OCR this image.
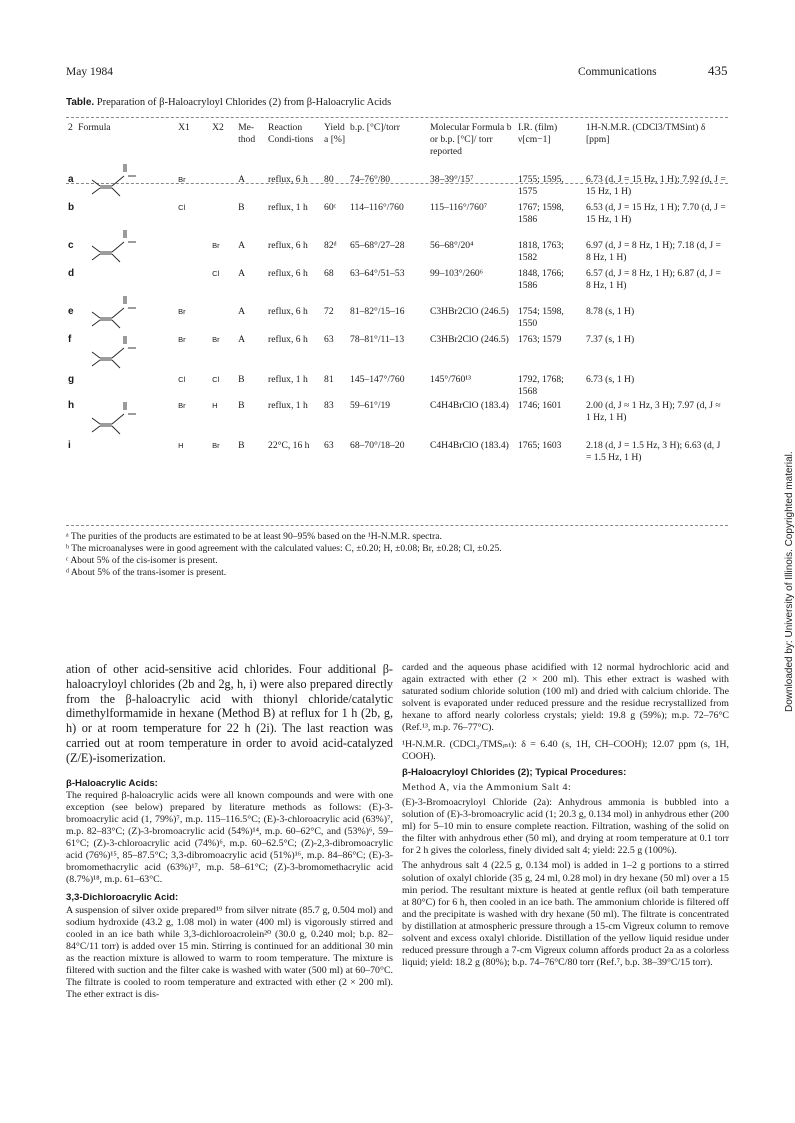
May 1984	Communications	435
Table. Preparation of β-Haloacryloyl Chlorides (2) from β-Haloacrylic Acids
2	Formula	X1	X2	Me-thod	Reaction Condi-tions	Yield a [%]	b.p. [°C]/torr	Molecular Formula b or b.p. [°C]/ torr reported	I.R. (film) ν[cm−1]	1H-N.M.R. (CDCl3/TMSint) δ [ppm]
a		Br		A	reflux, 6 h	80	74–76°/80	38–39°/15⁷	1755; 1595, 1575	6.73 (d, J = 15 Hz, 1 H); 7.92 (d, J = 15 Hz, 1 H)
b		Cl		B	reflux, 1 h	60ᶜ	114–116°/760	115–116°/760⁷	1767; 1598, 1586	6.53 (d, J = 15 Hz, 1 H); 7.70 (d, J = 15 Hz, 1 H)
c			Br	A	reflux, 6 h	82ᵈ	65–68°/27–28	56–68°/20⁴	1818, 1763; 1582	6.97 (d, J = 8 Hz, 1 H); 7.18 (d, J = 8 Hz, 1 H)
d			Cl	A	reflux, 6 h	68	63–64°/51–53	99–103°/260⁶	1848, 1766; 1586	6.57 (d, J = 8 Hz, 1 H); 6.87 (d, J = 8 Hz, 1 H)
e		Br		A	reflux, 6 h	72	81–82°/15–16	C3HBr2ClO (246.5)	1754; 1598, 1550	8.78 (s, 1 H)
f		Br	Br	A	reflux, 6 h	63	78–81°/11–13	C3HBr2ClO (246.5)	1763; 1579	7.37 (s, 1 H)
g		Cl	Cl	B	reflux, 1 h	81	145–147°/760	145°/760¹³	1792, 1768; 1568	6.73 (s, 1 H)
h		Br	H	B	reflux, 1 h	83	59–61°/19	C4H4BrClO (183.4)	1746; 1601	2.00 (d, J ≈ 1 Hz, 3 H); 7.97 (d, J ≈ 1 Hz, 1 H)
i		H	Br	B	22°C, 16 h	63	68–70°/18–20	C4H4BrClO (183.4)	1765; 1603	2.18 (d, J = 1.5 Hz, 3 H); 6.63 (d, J = 1.5 Hz, 1 H)
ᵃ The purities of the products are estimated to be at least 90–95% based on the ¹H-N.M.R. spectra.
ᵇ The microanalyses were in good agreement with the calculated values: C, ±0.20; H, ±0.08; Br, ±0.28; Cl, ±0.25.
ᶜ About 5% of the cis-isomer is present.
ᵈ About 5% of the trans-isomer is present.

ation of other acid-sensitive acid chlorides. Four additional β-haloacryloyl chlorides (2b and 2g, h, i) were also prepared directly from the β-haloacrylic acid with thionyl chloride/catalytic dimethylformamide in hexane (Method B) at reflux for 1 h (2b, g, h) or at room temperature for 22 h (2i). The last reaction was carried out at room temperature in order to avoid acid-catalyzed (Z/E)-isomerization.

β-Haloacrylic Acids:

The required β-haloacrylic acids were all known compounds and were with one exception (see below) prepared by literature methods as follows: (E)-3-bromoacrylic acid (1, 79%)⁷, m.p. 115–116.5°C; (E)-3-chloroacrylic acid (63%)⁷, m.p. 82–83°C; (Z)-3-bromoacrylic acid (54%)¹⁴, m.p. 60–62°C, and (53%)⁶, 59–61°C; (Z)-3-chloroacrylic acid (74%)⁶, m.p. 60–62.5°C; (Z)-2,3-dibromoacrylic acid (76%)¹⁵, 85–87.5°C; 3,3-dibromoacrylic acid (51%)¹⁶, m.p. 84–86°C; (E)-3-bromomethacrylic acid (63%)¹⁷, m.p. 58–61°C; (Z)-3-bromomethacrylic acid (8.7%)¹⁸, m.p. 61–63°C.

3,3-Dichloroacrylic Acid:

A suspension of silver oxide prepared¹⁹ from silver nitrate (85.7 g, 0.504 mol) and sodium hydroxide (43.2 g, 1.08 mol) in water (400 ml) is vigorously stirred and cooled in an ice bath while 3,3-dichloroacrolein²⁰ (30.0 g, 0.240 mol; b.p. 82–84°C/11 torr) is added over 15 min. Stirring is continued for an additional 30 min as the reaction mixture is allowed to warm to room temperature. The mixture is filtered with suction and the filter cake is washed with water (500 ml) at 60–70°C. The filtrate is cooled to room temperature and extracted with ether (2 × 200 ml). The ether extract is dis-

carded and the aqueous phase acidified with 12 normal hydrochloric acid and again extracted with ether (2 × 200 ml). This ether extract is washed with saturated sodium chloride solution (100 ml) and dried with calcium chloride. The solvent is evaporated under reduced pressure and the residue recrystallized from hexane to afford nearly colorless crystals; yield: 19.8 g (59%); m.p. 72–76°C (Ref.¹³, m.p. 76–77°C).

¹H-N.M.R. (CDCl₃/TMSᵢₙₜ): δ = 6.40 (s, 1H, CH–COOH); 12.07 ppm (s, 1H, COOH).

β-Haloacryloyl Chlorides (2); Typical Procedures:

Method A, via the Ammonium Salt 4:

(E)-3-Bromoacryloyl Chloride (2a): Anhydrous ammonia is bubbled into a solution of (E)-3-bromoacrylic acid (1; 20.3 g, 0.134 mol) in anhydrous ether (200 ml) for 5–10 min to ensure complete reaction. Filtration, washing of the solid on the filter with anhydrous ether (50 ml), and drying at room temperature at 0.1 torr for 2 h gives the colorless, finely divided salt 4; yield: 22.5 g (100%).

The anhydrous salt 4 (22.5 g, 0.134 mol) is added in 1–2 g portions to a stirred solution of oxalyl chloride (35 g, 24 ml, 0.28 mol) in dry hexane (50 ml) over a 15 min period. The resultant mixture is heated at gentle reflux (oil bath temperature at 80°C) for 6 h, then cooled in an ice bath. The ammonium chloride is filtered off and the precipitate is washed with dry hexane (50 ml). The filtrate is concentrated by distillation at atmospheric pressure through a 15-cm Vigreux column to remove solvent and excess oxalyl chloride. Distillation of the yellow liquid residue under reduced pressure through a 7-cm Vigreux column affords product 2a as a colorless liquid; yield: 18.2 g (80%); b.p. 74–76°C/80 torr (Ref.⁷, b.p. 38–39°C/15 torr).

Downloaded by: University of Illinois. Copyrighted material.
